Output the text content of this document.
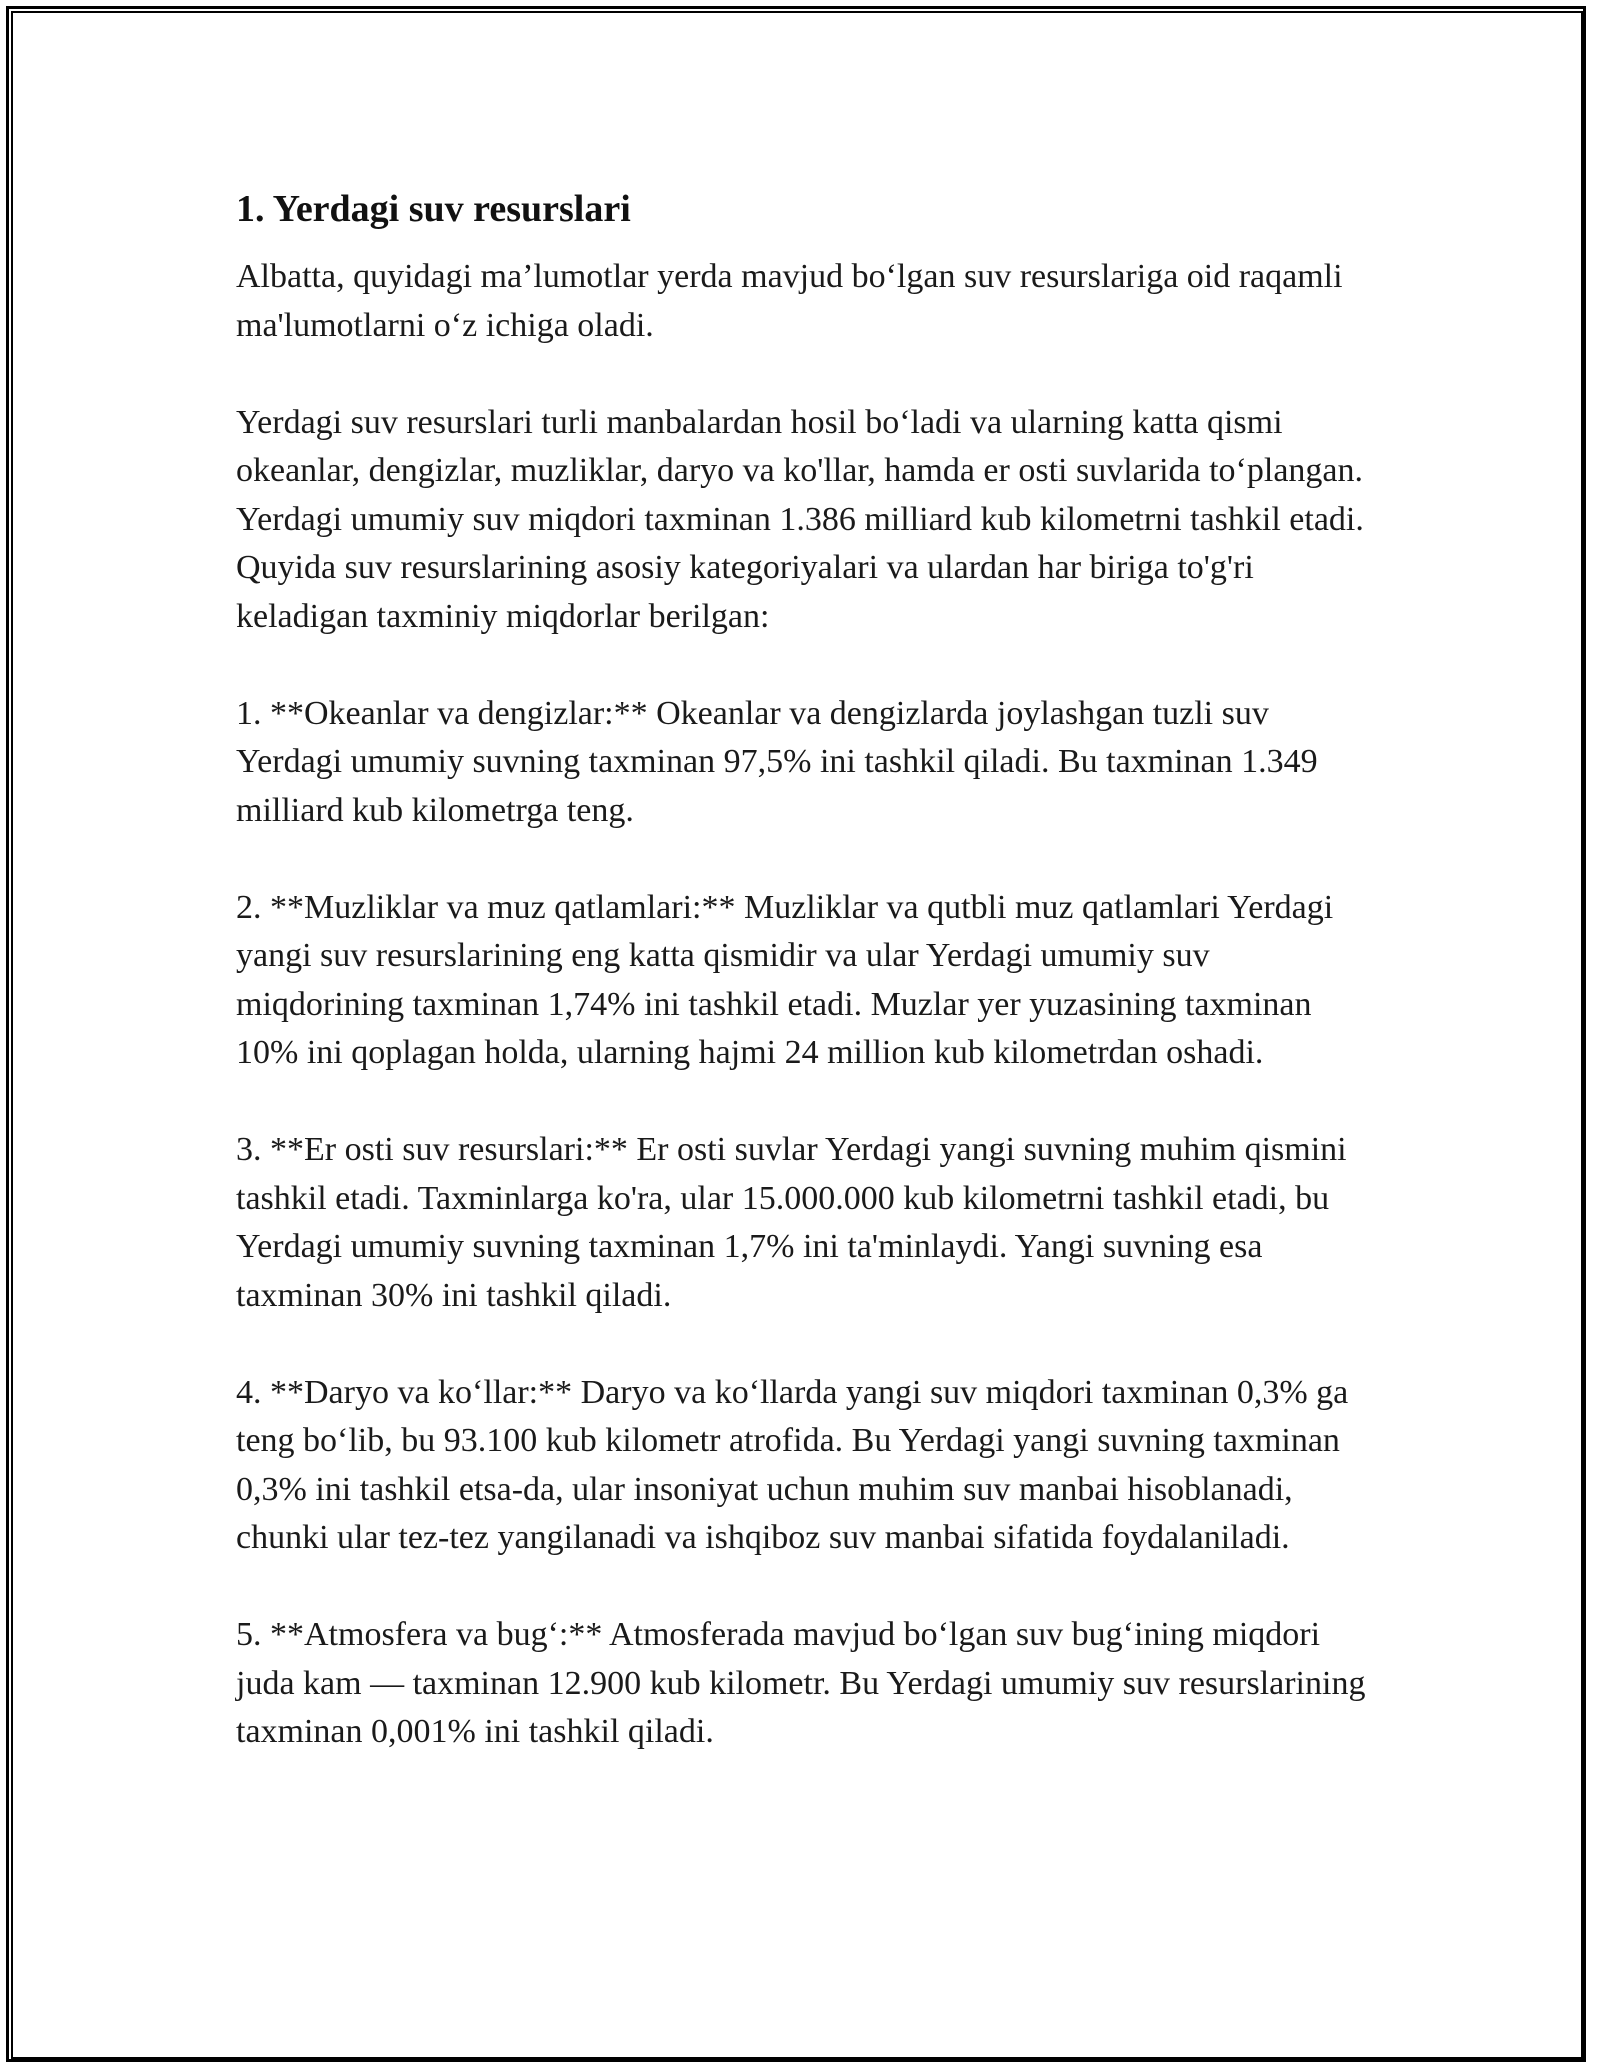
1. Yerdagi suv resurslari

Albatta, quyidagi ma’lumotlar yerda mavjud bo‘lgan suv resurslariga oid raqamli ma'lumotlarni o‘z ichiga oladi.

Yerdagi suv resurslari turli manbalardan hosil bo‘ladi va ularning katta qismi okeanlar, dengizlar, muzliklar, daryo va ko'llar, hamda er osti suvlarida to‘plangan. Yerdagi umumiy suv miqdori taxminan 1.386 milliard kub kilometrni tashkil etadi. Quyida suv resurslarining asosiy kategoriyalari va ulardan har biriga to'g'ri keladigan taxminiy miqdorlar berilgan:

1. **Okeanlar va dengizlar:** Okeanlar va dengizlarda joylashgan tuzli suv Yerdagi umumiy suvning taxminan 97,5% ini tashkil qiladi. Bu taxminan 1.349 milliard kub kilometrga teng.

2. **Muzliklar va muz qatlamlari:** Muzliklar va qutbli muz qatlamlari Yerdagi yangi suv resurslarining eng katta qismidir va ular Yerdagi umumiy suv miqdorining taxminan 1,74% ini tashkil etadi. Muzlar yer yuzasining taxminan 10% ini qoplagan holda, ularning hajmi 24 million kub kilometrdan oshadi.

3. **Er osti suv resurslari:** Er osti suvlar Yerdagi yangi suvning muhim qismini tashkil etadi. Taxminlarga ko'ra, ular 15.000.000 kub kilometrni tashkil etadi, bu Yerdagi umumiy suvning taxminan 1,7% ini ta'minlaydi. Yangi suvning esa taxminan 30% ini tashkil qiladi.

4. **Daryo va ko‘llar:** Daryo va ko‘llarda yangi suv miqdori taxminan 0,3% ga teng bo‘lib, bu 93.100 kub kilometr atrofida. Bu Yerdagi yangi suvning taxminan 0,3% ini tashkil etsa-da, ular insoniyat uchun muhim suv manbai hisoblanadi, chunki ular tez-tez yangilanadi va ishqiboz suv manbai sifatida foydalaniladi.

5. **Atmosfera va bug‘:** Atmosferada mavjud bo‘lgan suv bug‘ining miqdori juda kam — taxminan 12.900 kub kilometr. Bu Yerdagi umumiy suv resurslarining taxminan 0,001% ini tashkil qiladi.
